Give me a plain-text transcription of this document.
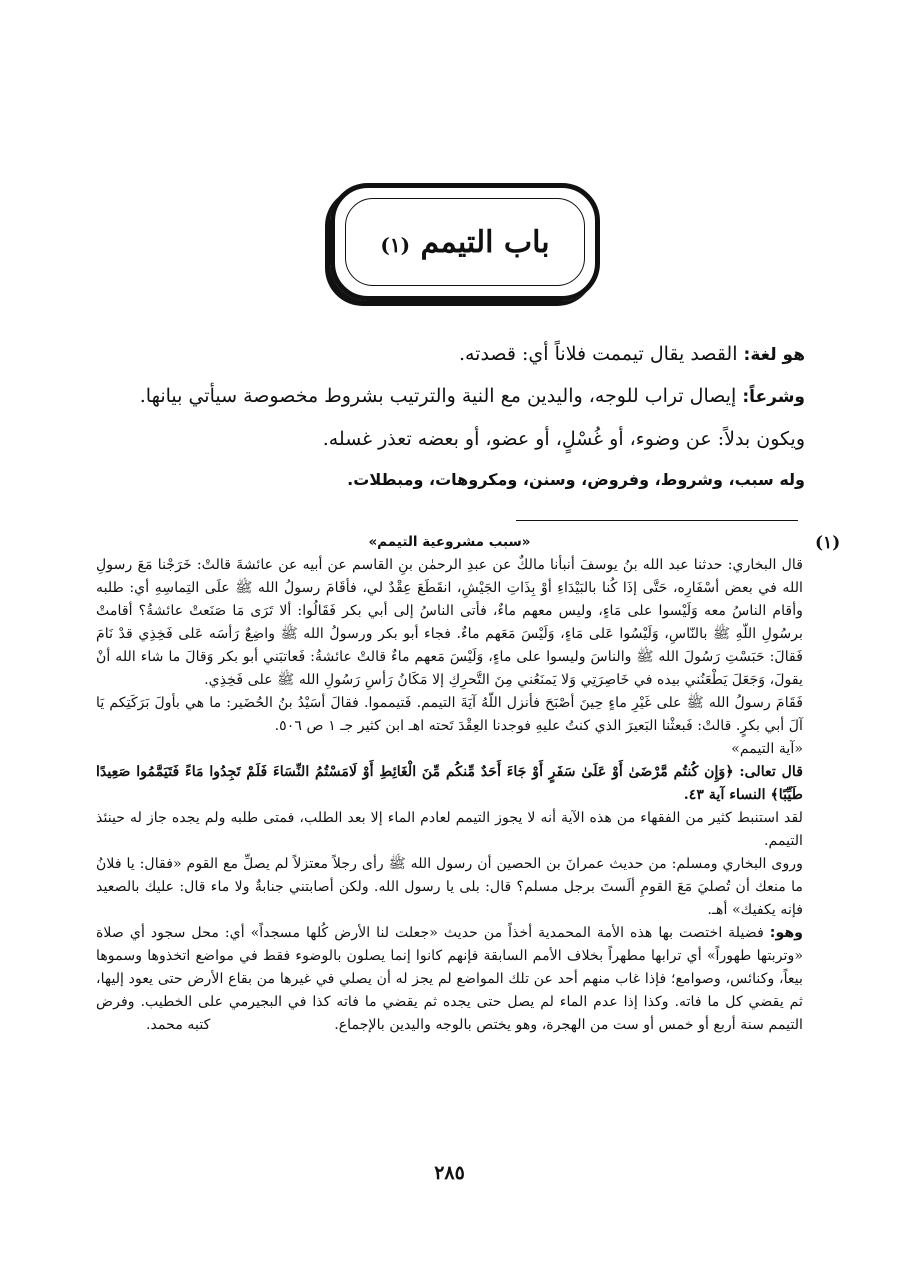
باب التيمم (١)

هو لغة: القصد يقال تيممت فلاناً أي: قصدته.

وشرعاً: إيصال تراب للوجه، واليدين مع النية والترتيب بشروط مخصوصة سيأتي بيانها.

ويكون بدلاً: عن وضوء، أو غُسْلٍ، أو عضو، أو بعضه تعذر غسله.

وله سبب، وشروط، وفروض، وسنن، ومكروهات، ومبطلات.

(١)

«سبب مشروعية التيمم»

قال البخاري: حدثنا عبد الله بنُ يوسفَ أنبأنا مالكٌ عن عبدِ الرحمٰن بنِ القاسم عن أبيه عن عائشةَ قالتْ: خَرَجْنا مَعَ رسولِ الله في بعض أسْفَارِه، حَتَّى إذَا كُنا بالبَيْدَاءِ أوْ بِذَاتِ الجَيْشِ، انقَطَعَ عِقْدٌ لي، فأقَامَ رسولُ الله ﷺ علَى التِماسِهِ أي: طلبه وأقام الناسُ معه وَلَيْسوا على مَاءٍ، وليس معهم ماءٌ، فأتى الناسُ إلى أبي بكر فَقَالُوا: ألا تَرَى مَا صَنَعتْ عائشةُ؟ أقامتْ برسُولِ اللّهِ ﷺ بالنّاسِ، وَلَيْسُوا عَلى مَاءٍ، وَلَيْسَ مَعَهم ماءٌ. فجاء أبو بكر ورسولُ الله ﷺ واضِعٌ رَأسَه عَلى فَخِذِي قدْ نَامَ فَقالَ: حَبَسْتِ رَسُولَ الله ﷺ والناسَ وليسوا على ماءٍ، وَلَيْسَ مَعهم ماءٌ قالتْ عائشةُ: فَعاتبَني أبو بكر وَقالَ ما شاء الله أنْ يقولَ، وَجَعَلَ يَطْعَنُني بيده في خَاصِرَتِي وَلا يَمنَعُني مِنَ التَّحرِكِ إلا مَكَانُ رَأسِ رَسُولِ الله ﷺ على فَخِذِي.

فَقَامَ رسولُ الله ﷺ على غَيْرِ ماءٍ حِينَ أصْبَحَ فأنزل اللّهُ آيَةَ التيمم. فَتيمموا. فقالَ أسَيْدُ بنُ الحُضَير: ما هي بأولَ بَرَكَتِكم يَا آلَ أبي بكرٍ. قالتْ: فَبعثْنا البَعيرَ الذي كنتُ عليهِ فوجدنا العِقْدَ تَحته اهـ ابن كثير جـ ١ ص ٥٠٦.

«آية التيمم»

قال تعالى: ﴿وَإِن كُنتُم مَّرْضَىٰ أَوْ عَلَىٰ سَفَرٍ أَوْ جَاءَ أَحَدٌ مِّنكُم مِّنَ الْغَائِطِ أَوْ لَامَسْتُمُ النِّسَاءَ فَلَمْ تَجِدُوا مَاءً فَتَيَمَّمُوا صَعِيدًا طَيِّبًا﴾ النساء آية ٤٣.

لقد استنبط كثير من الفقهاء من هذه الآية أنه لا يجوز التيمم لعادم الماء إلا بعد الطلب، فمتى طلبه ولم يجده جاز له حينئذ التيمم.

وروى البخاري ومسلم: من حديث عمرانَ بن الحصين أن رسول الله ﷺ رأى رجلاً معتزلاً لم يصلِّ مع القوم «فقال: يا فلانُ ما منعك أن تُصليَ مَعَ القومِ ألَستَ برجل مسلم؟ قال: بلى يا رسول الله. ولكن أصابتني جنابةٌ ولا ماء قال: عليك بالصعيد فإنه يكفيك» أهـ.

وهو: فضيلة اختصت بها هذه الأمة المحمدية أخذاً من حديث «جعلت لنا الأرض كُلها مسجداً» أي: محل سجود أي صلاة «وتربتها طهوراً» أي ترابها مطهراً بخلاف الأمم السابقة فإنهم كانوا إنما يصلون بالوضوء فقط في مواضع اتخذوها وسموها بيعاً، وكنائس، وصوامع؛ فإذا غاب منهم أحد عن تلك المواضع لم يجز له أن يصلي في غيرها من بقاع الأرض حتى يعود إليها، ثم يقضي كل ما فاته. وكذا إذا عدم الماء لم يصل حتى يجده ثم يقضي ما فاته كذا في البجيرمي على الخطيب. وفرض التيمم سنة أربع أو خمس أو ست من الهجرة، وهو يختص بالوجه واليدين بالإجماع.

كتبه محمد.
٢٨٥
